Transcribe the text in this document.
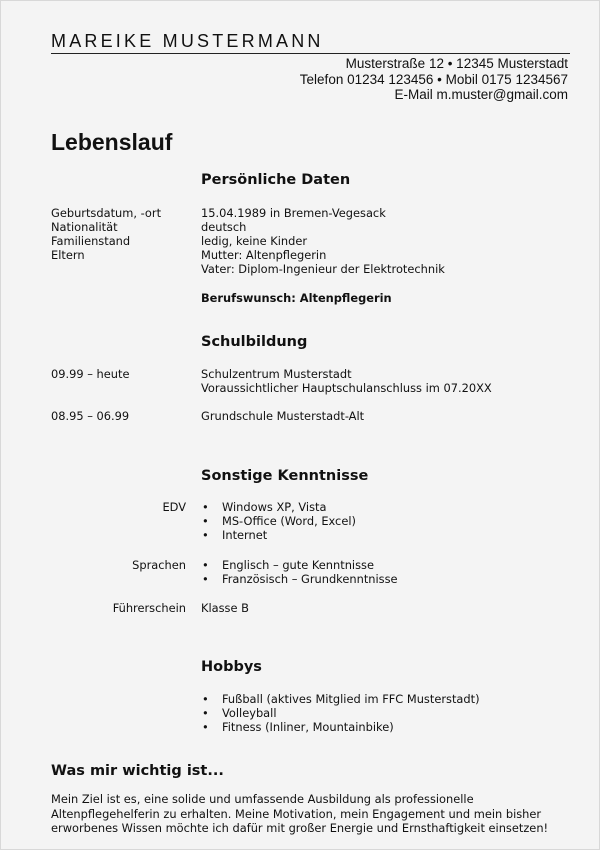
MAREIKE MUSTERMANN
Musterstraße 12 • 12345 Musterstadt
Telefon 01234 123456 • Mobil 0175 1234567
E-Mail m.muster@gmail.com
Lebenslauf
Persönliche Daten
Geburtsdatum, -ort	15.04.1989 in Bremen-Vegesack
Nationalität	deutsch
Familienstand	ledig, keine Kinder
Eltern	Mutter: Altenpflegerin
Vater: Diplom-Ingenieur der Elektrotechnik
Berufswunsch: Altenpflegerin
Schulbildung
09.99 – heute	Schulzentrum Musterstadt
Voraussichtlicher Hauptschulanschluss im 07.20XX
08.95 – 06.99	Grundschule Musterstadt-Alt
Sonstige Kenntnisse
EDV	• Windows XP, Vista
• MS-Office (Word, Excel)
• Internet
Sprachen	• Englisch – gute Kenntnisse
• Französisch – Grundkenntnisse
Führerschein Klasse B
Hobbys
• Fußball (aktives Mitglied im FFC Musterstadt)
• Volleyball
• Fitness (Inliner, Mountainbike)
Was mir wichtig ist...
Mein Ziel ist es, eine solide und umfassende Ausbildung als professionelle Altenpflegehelferin zu erhalten. Meine Motivation, mein Engagement und mein bisher erworbenes Wissen möchte ich dafür mit großer Energie und Ernsthaftigkeit einsetzen!
